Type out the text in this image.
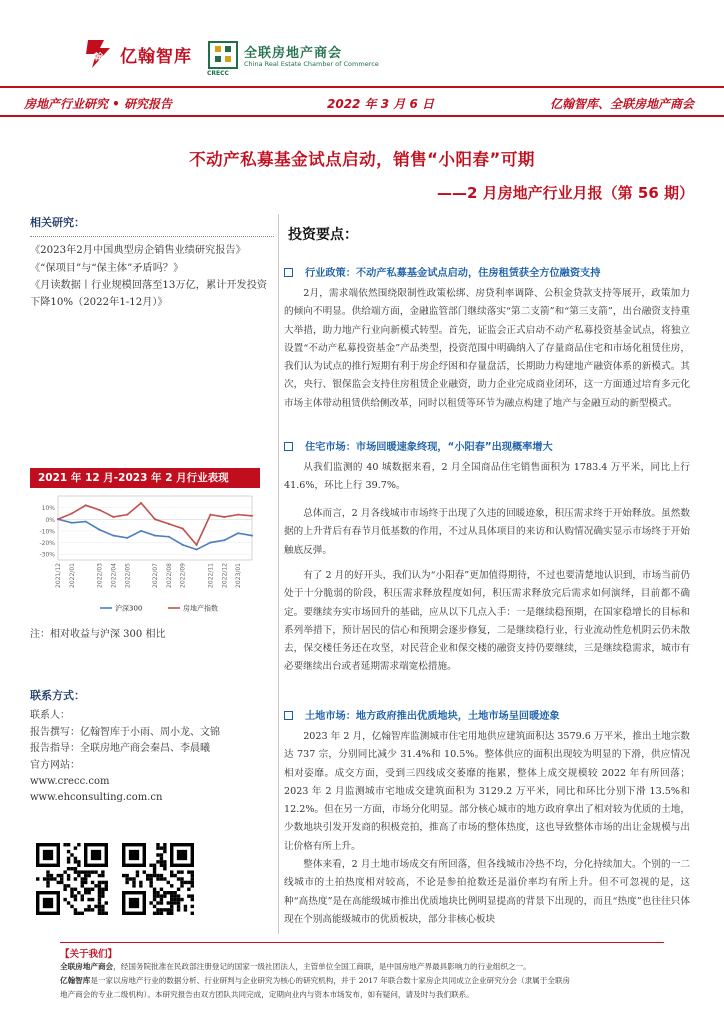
翰 亿翰智库
CRECC
全联房地产商会
China Real Estate Chamber of Commerce
房地产行业研究 • 研究报告	2022 年 3 月 6 日	亿翰智库、全联房地产商会
不动产私募基金试点启动，销售“小阳春”可期
——2 月房地产行业月报（第 56 期）
相关研究：
《2023年2月中国典型房企销售业绩研究报告》
《“保项目”与“保主体”矛盾吗？》
《月读数据丨行业规模回落至13万亿，累计开发投资下降10%（2022年1-12月）》
2021 年 12 月-2023 年 2 月行业表现
-30%
-20%
-10%
0%
10%
2021/12 2022/01	2022/03 2022/04 2022/05	2022/07 2022/08 2022/09	2022/11 2022/12 2023/01
沪深300	房地产指数
注：相对收益与沪深 300 相比
联系方式：
联系人：
报告撰写：亿翰智库于小雨、周小龙、文锦
报告指导：全联房地产商会秦昌、李晨曦
官方网站：
www.crecc.com
www.ehconsulting.com.cn
投资要点：
行业政策：不动产私募基金试点启动，住房租赁获全方位融资支持
2月，需求端依然围绕限制性政策松绑、房贷利率调降、公积金贷款支持等展开，政策加力的倾向不明显。供给端方面，金融监管部门继续落实“第二支箭”和“第三支箭”，出台融资支持重大举措，助力地产行业向新模式转型。首先，证监会正式启动不动产私募投资基金试点，将独立设置“不动产私募投资基金”产品类型，投资范围中明确纳入了存量商品住宅和市场化租赁住房，我们认为试点的推行短期有利于房企纾困和存量盘活，长期助力构建地产融资体系的新模式。其次，央行、银保监会支持住房租赁企业融资，助力企业完成商业闭环，这一方面通过培育多元化市场主体带动租赁供给侧改革，同时以租赁等环节为融点构建了地产与金融互动的新型模式。
住宅市场：市场回暖速象终现，“小阳春”出现概率增大
从我们监测的 40 城数据来看，2 月全国商品住宅销售面积为 1783.4 万平米，同比上行 41.6%，环比上行 39.7%。
总体而言，2 月各线城市市场终于出现了久违的回暖迹象，积压需求终于开始释放。虽然数据的上升背后有春节月低基数的作用，不过从具体项目的来访和认购情况确实显示市场终于开始触底反弹。
有了 2 月的好开头，我们认为“小阳春”更加值得期待，不过也要清楚地认识到，市场当前仍处于十分脆弱的阶段，积压需求释放程度如何，积压需求释放完后需求如何演绎，目前都不确定。要继续夯实市场回升的基础，应从以下几点入手：一是继续稳预期，在国家稳增长的目标和系列举措下，预计居民的信心和预期会逐步修复，二是继续稳行业，行业流动性危机阴云仍未散去，保交楼任务还在攻坚，对民营企业和保交楼的融资支持仍要继续，三是继续稳需求，城市有必要继续出台或者延期需求端宽松措施。
土地市场：地方政府推出优质地块，土地市场呈回暖迹象
2023 年 2 月，亿翰智库监测城市住宅用地供应建筑面积达 3579.6 万平米，推出土地宗数达 737 宗，分别同比减少 31.4%和 10.5%。整体供应的面积出现较为明显的下滑，供应情况相对姿靡。成交方面，受到三四线成交萎靡的拖累，整体上成交规模较 2022 年有所回落；2023 年 2 月监测城市宅地成交建筑面积为 3129.2 万平米，同比和环比分别下滑 13.5%和 12.2%。但在另一方面，市场分化明显。部分核心城市的地方政府拿出了相对较为优质的土地，少数地块引发开发商的积极竞拍，推高了市场的整体热度，这也导致整体市场的出让金规模与出让价格有所上升。
整体来看，2 月土地市场成交有所回落，但各线城市冷热不均，分化持续加大。个别的一二线城市的土拍热度相对较高，不论是参拍抢数还是溢价率均有所上升。但不可忽视的是，这种“高热度”是在高能级城市推出优质地块比例明显提高的背景下出现的，而且“热度”也往往只体现在个别高能级城市的优质板块，部分非核心板块
【关于我们】
全联房地产商会，经国务院批准在民政部注册登记的国家一级社团法人，主管单位全国工商联，是中国房地产界最具影响力的行业组织之一。
亿翰智库是一家以房地产行业的数据分析、行业研判与企业研究为核心的研究机构，并于 2017 年联合数十家房企共同成立企业研究分会（隶属于全联房
地产商会的专业二级机构）。本研究报告由双方团队共同完成，定期向业内与资本市场发布，如有疑问，请及时与我们联系。
